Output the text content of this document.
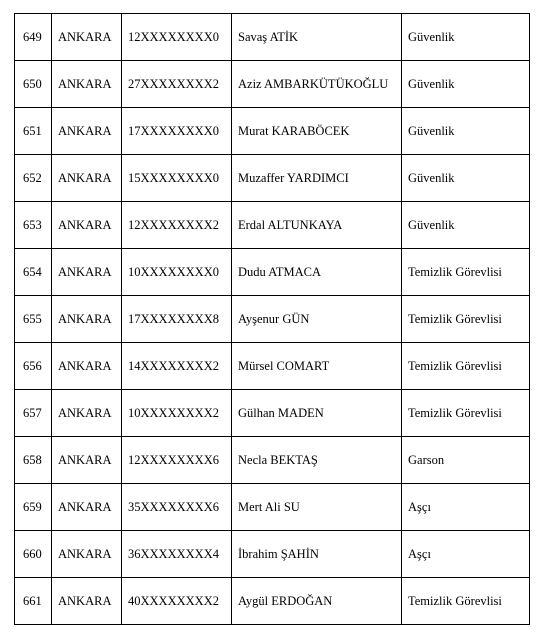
649	ANKARA	12XXXXXXXX0	Savaş ATİK	Güvenlik
650	ANKARA	27XXXXXXXX2	Aziz AMBARKÜTÜKOĞLU	Güvenlik
651	ANKARA	17XXXXXXXX0	Murat KARABÖCEK	Güvenlik
652	ANKARA	15XXXXXXXX0	Muzaffer YARDIMCI	Güvenlik
653	ANKARA	12XXXXXXXX2	Erdal ALTUNKAYA	Güvenlik
654	ANKARA	10XXXXXXXX0	Dudu ATMACA	Temizlik Görevlisi
655	ANKARA	17XXXXXXXX8	Ayşenur GÜN	Temizlik Görevlisi
656	ANKARA	14XXXXXXXX2	Mürsel COMART	Temizlik Görevlisi
657	ANKARA	10XXXXXXXX2	Gülhan MADEN	Temizlik Görevlisi
658	ANKARA	12XXXXXXXX6	Necla BEKTAŞ	Garson
659	ANKARA	35XXXXXXXX6	Mert Ali SU	Aşçı
660	ANKARA	36XXXXXXXX4	İbrahim ŞAHİN	Aşçı
661	ANKARA	40XXXXXXXX2	Aygül ERDOĞAN	Temizlik Görevlisi
